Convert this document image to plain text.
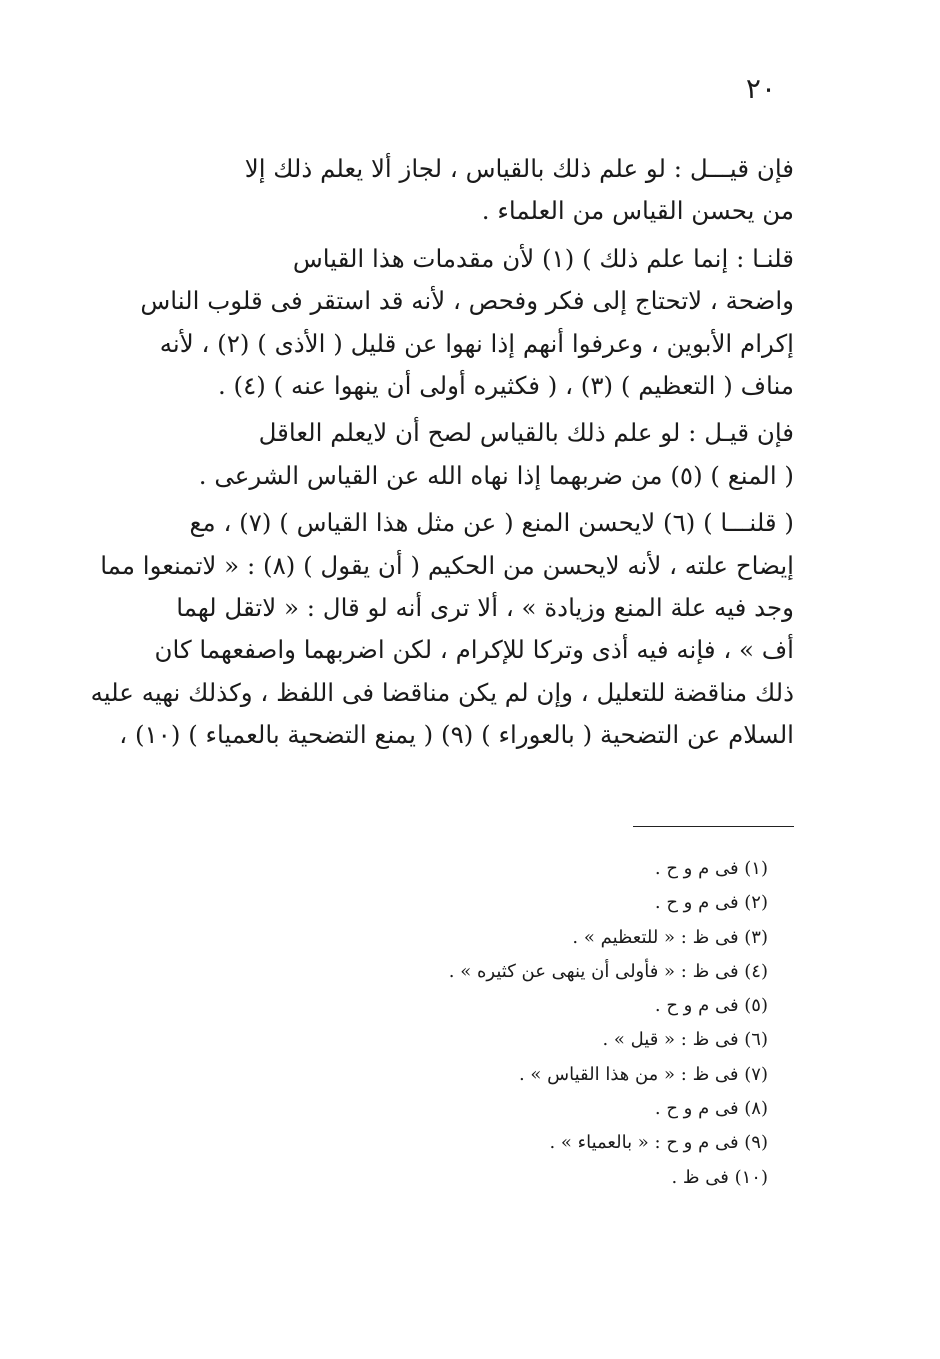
٢٠

فإن قيـــل : لو علم ذلك بالقياس ، لجاز ألا يعلم ذلك إلا
من يحسن القياس من العلماء .

قلنـا : إنما علم ذلك ) (١) لأن مقدمات هذا القياس
واضحة ، لاتحتاج إلى فكر وفحص ، لأنه قد استقر فى قلوب الناس
إكرام الأبوين ، وعرفوا أنهم إذا نهوا عن قليل ( الأذى ) (٢) ، لأنه
مناف ( التعظيم ) (٣) ، ( فكثيره أولى أن ينهوا عنه ) (٤) .

فإن قيـل : لو علم ذلك بالقياس لصح أن لايعلم العاقل
( المنع ) (٥) من ضربهما إذا نهاه الله عن القياس الشرعى .

( قلنـــا ) (٦) لايحسن المنع ( عن مثل هذا القياس ) (٧) ، مع
إيضاح علته ، لأنه لايحسن من الحكيم ( أن يقول ) (٨) : « لاتمنعوا مما
وجد فيه علة المنع وزيادة » ، ألا ترى أنه لو قال : « لاتقل لهما
أف » ، فإنه فيه أذى وتركا للإكرام ، لكن اضربهما واصفعهما كان
ذلك مناقضة للتعليل ، وإن لم يكن مناقضا فى اللفظ ، وكذلك نهيه عليه
السلام عن التضحية ( بالعوراء ) (٩) ( يمنع التضحية بالعمياء ) (١٠) ،

(١) فى م و ح .
(٢) فى م و ح .
(٣) فى ظ : « للتعظيم » .
(٤) فى ظ : « فأولى أن ينهى عن كثيره » .
(٥) فى م و ح .
(٦) فى ظ : « قيل » .
(٧) فى ظ : « من هذا القياس » .
(٨) فى م و ح .
(٩) فى م و ح : « بالعمياء » .
(١٠) فى ظ .
